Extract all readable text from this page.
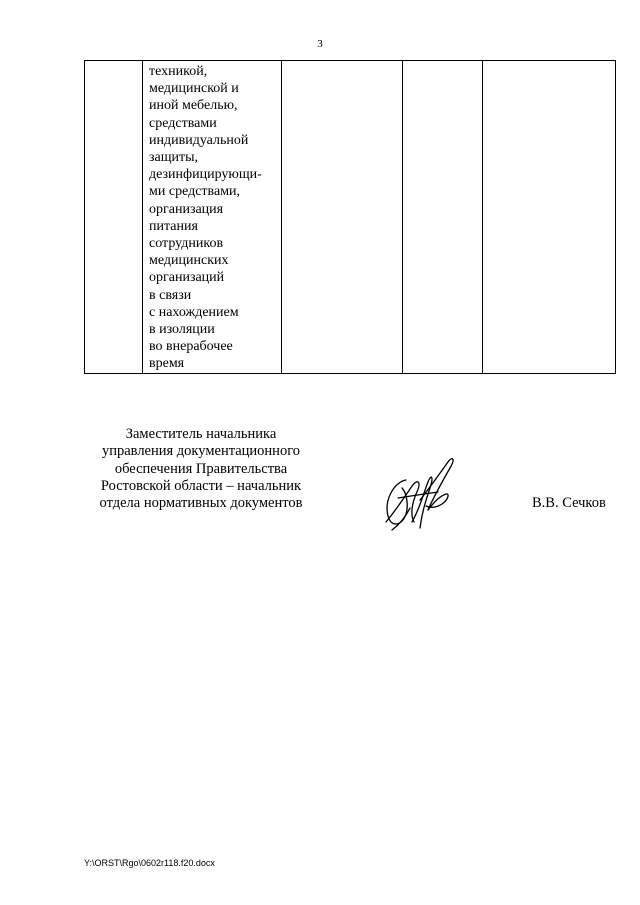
3

техникой,
медицинской и
иной мебелью,
средствами
индивидуальной
защиты,
дезинфицирующи-
ми средствами,
организация
питания
сотрудников
медицинских
организаций
в связи
с нахождением
в изоляции
во внерабочее
время

Заместитель начальника
управления документационного
обеспечения Правительства
Ростовской области – начальник
отдела нормативных документов	В.В. Сечков
Y:\ORST\Rgo\0602r118.f20.docx
